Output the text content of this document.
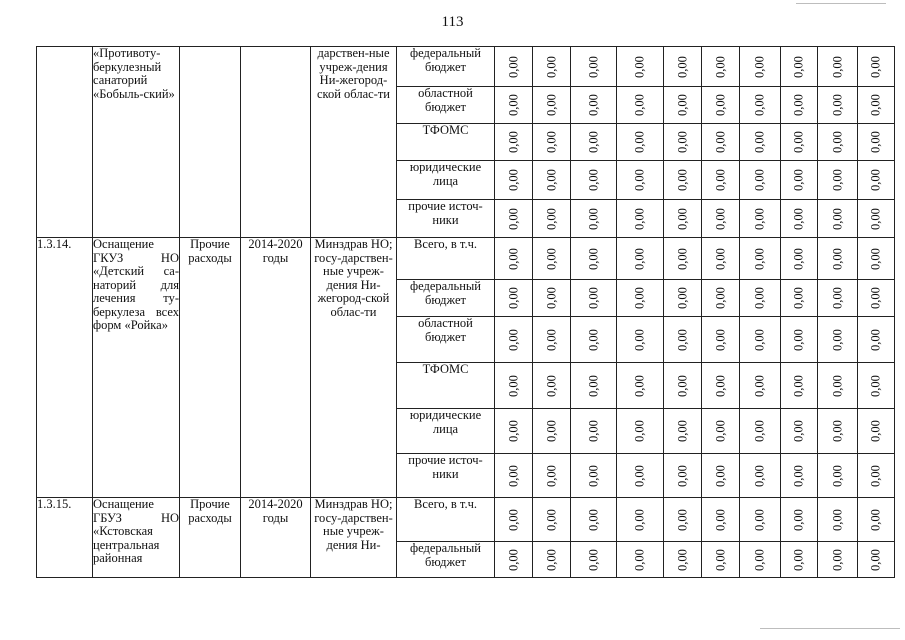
113
	«Противоту-беркулезный санаторий «Бобыль-ский»			дарствен-ные учреж-дения Ни-жегород-ской облас-ти	федеральный бюджет	0,00	0,00	0,00	0,00	0,00	0,00	0,00	0,00	0,00	0,00

					областной бюджет	0,00	0,00	0,00	0,00	0,00	0,00	0,00	0,00	0,00	0,00

					ТФОМС	0,00	0,00	0,00	0,00	0,00	0,00	0,00	0,00	0,00	0,00

					юридические лица	0,00	0,00	0,00	0,00	0,00	0,00	0,00	0,00	0,00	0,00

					прочие источ-ники	0,00	0,00	0,00	0,00	0,00	0,00	0,00	0,00	0,00	0,00

1.3.14.	Оснащение ГКУЗ НО «Детский са-наторий для лечения ту-беркулеза всех форм «Ройка»	Прочие расходы	2014-2020 годы	Минздрав НО; госу-дарствен-ные учреж-дения Ни-жегород-ской облас-ти	Всего, в т.ч.	0,00	0,00	0,00	0,00	0,00	0,00	0,00	0,00	0,00	0,00

					федеральный бюджет	0,00	0,00	0,00	0,00	0,00	0,00	0,00	0,00	0,00	0,00

					областной бюджет	0,00	0,00	0,00	0,00	0,00	0,00	0,00	0,00	0,00	0,00

					ТФОМС	0,00	0,00	0,00	0,00	0,00	0,00	0,00	0,00	0,00	0,00

					юридические лица	0,00	0,00	0,00	0,00	0,00	0,00	0,00	0,00	0,00	0,00

					прочие источ-ники	0,00	0,00	0,00	0,00	0,00	0,00	0,00	0,00	0,00	0,00

1.3.15.	Оснащение ГБУЗ НО «Кстовская центральная районная	Прочие расходы	2014-2020 годы	Минздрав НО; госу-дарствен-ные учреж-дения Ни-	Всего, в т.ч.	0,00	0,00	0,00	0,00	0,00	0,00	0,00	0,00	0,00	0,00

					федеральный бюджет	0,00	0,00	0,00	0,00	0,00	0,00	0,00	0,00	0,00	0,00
